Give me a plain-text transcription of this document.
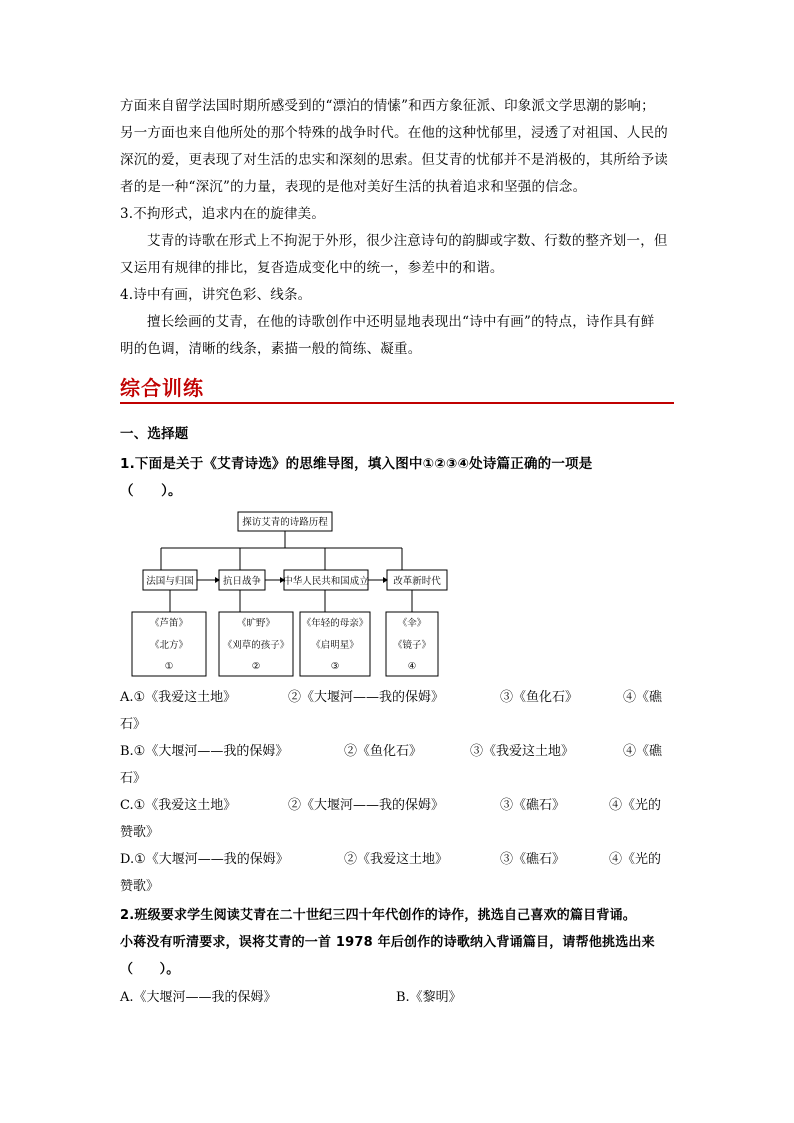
方面来自留学法国时期所感受到的“漂泊的情愫”和西方象征派、印象派文学思潮的影响；
另一方面也来自他所处的那个特殊的战争时代。在他的这种忧郁里，浸透了对祖国、人民的
深沉的爱，更表现了对生活的忠实和深刻的思索。但艾青的忧郁并不是消极的，其所给予读
者的是一种“深沉”的力量，表现的是他对美好生活的执着追求和坚强的信念。
3.不拘形式，追求内在的旋律美。
艾青的诗歌在形式上不拘泥于外形，很少注意诗句的韵脚或字数、行数的整齐划一，但
又运用有规律的排比，复沓造成变化中的统一，参差中的和谐。
4.诗中有画，讲究色彩、线条。
擅长绘画的艾青，在他的诗歌创作中还明显地表现出“诗中有画”的特点，诗作具有鲜
明的色调，清晰的线条，素描一般的简练、凝重。
综合训练
一、选择题
1.下面是关于《艾青诗选》的思维导图，填入图中①②③④处诗篇正确的一项是
（　　）。
探访艾青的诗路历程
法国与归国	抗日战争 中华人民共和国成立	改革新时代
《芦笛》
《北方》
①
《旷野》
《刈草的孩子》
②
《年轻的母亲》
《启明星》
③
《伞》
《镜子》
④
A.①《我爱这土地》	②《大堰河——我的保姆》	③《鱼化石》	④《礁
石》
B.①《大堰河——我的保姆》	②《鱼化石》	③《我爱这土地》	④《礁
石》
C.①《我爱这土地》	②《大堰河——我的保姆》	③《礁石》	④《光的
赞歌》
D.①《大堰河——我的保姆》	②《我爱这土地》	③《礁石》	④《光的
赞歌》
2.班级要求学生阅读艾青在二十世纪三四十年代创作的诗作，挑选自己喜欢的篇目背诵。
小蒋没有听清要求，误将艾青的一首 1978 年后创作的诗歌纳入背诵篇目，请帮他挑选出来
（　　）。
A.《大堰河——我的保姆》	B.《黎明》
